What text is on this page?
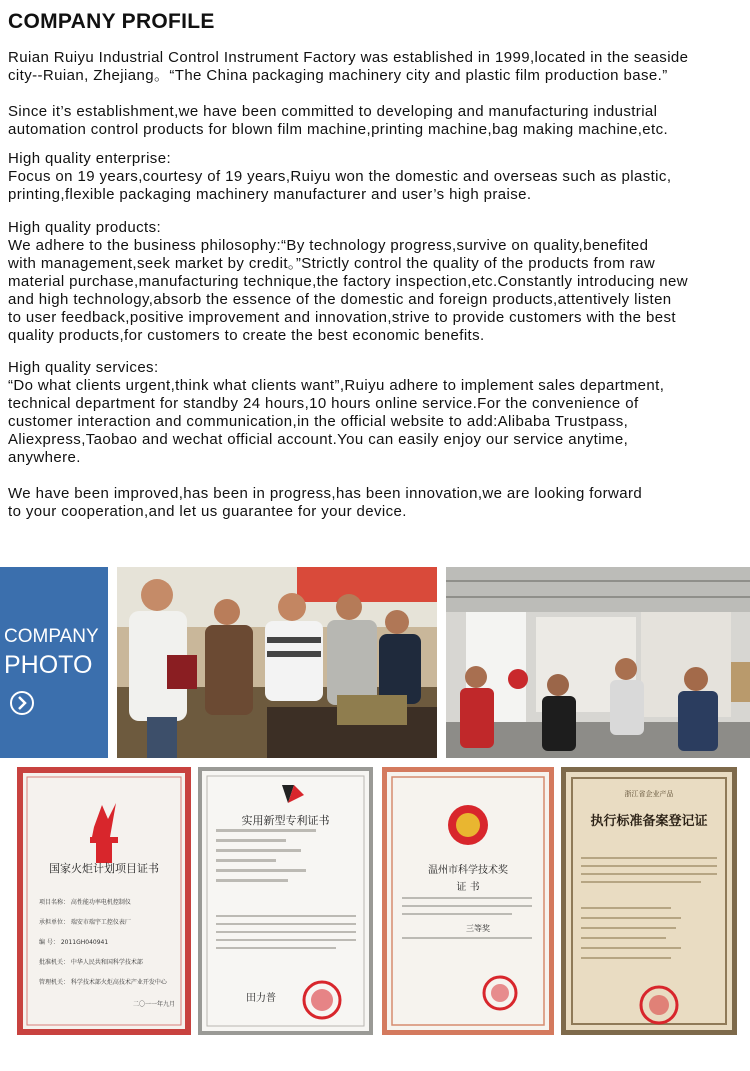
COMPANY PROFILE

Ruian Ruiyu Industrial Control Instrument Factory was established in 1999,located in the seaside
city--Ruian, Zhejiang。“The China packaging machinery city and plastic film production base.”

Since it’s establishment,we have been committed to developing and manufacturing industrial
automation control products for blown film machine,printing machine,bag making machine,etc.

High quality enterprise:
Focus on 19 years,courtesy of 19 years,Ruiyu won the domestic and overseas such as plastic,
printing,flexible packaging machinery manufacturer and user’s high praise.

High quality products:
We adhere to the business philosophy:“By technology progress,survive on quality,benefited
with management,seek market by credit。”Strictly control the quality of the products from raw
material purchase,manufacturing technique,the factory inspection,etc.Constantly introducing new
and high technology,absorb the essence of the domestic and foreign products,attentively listen
to user feedback,positive improvement and innovation,strive to provide customers with the best
quality products,for customers to create the best economic benefits.

High quality services:
“Do what clients urgent,think what clients want”,Ruiyu adhere to implement sales department,
technical department for standby 24 hours,10 hours online service.For the convenience of
customer interaction and communication,in the official website to add:Alibaba Trustpass,
Aliexpress,Taobao and wechat official account.You can easily enjoy our service anytime,
anywhere.

We have been improved,has been in progress,has been innovation,we are looking forward
to your cooperation,and let us guarantee for your device.

COMPANY
PHOTO
国家火炬计划项目证书
项目名称： 高性能功率电机控制仪
承担单位： 瑞安市瑞宇工控仪表厂
编 号： 2011GH040941
批准机关： 中华人民共和国科学技术部
管理机关： 科学技术部火炬高技术产业开发中心
二〇一一年九月
实用新型专利证书
田力普
温州市科学技术奖
证 书
三等奖
浙江省企业产品
执行标准备案登记证
